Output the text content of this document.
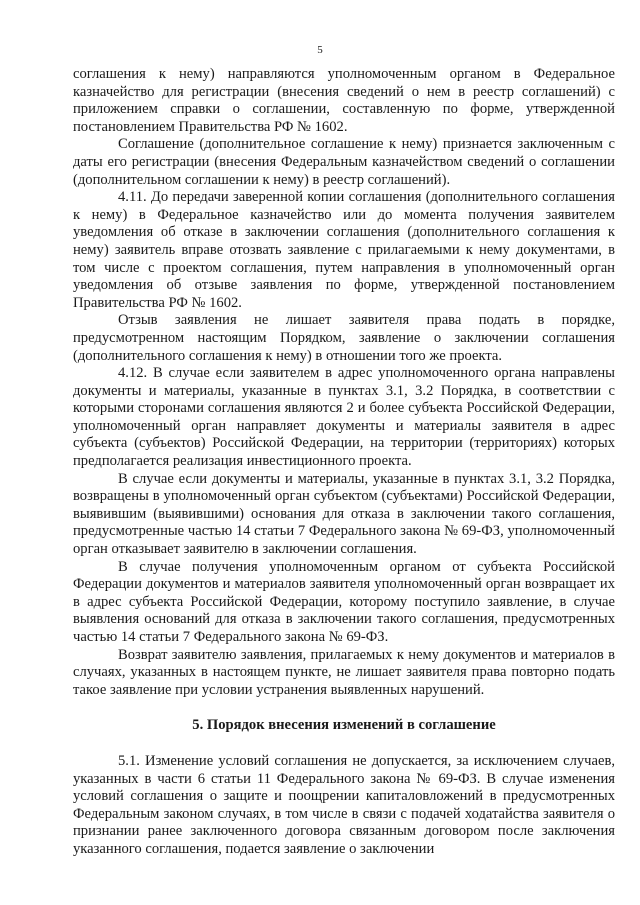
5

соглашения к нему) направляются уполномоченным органом в Федеральное казначейство для регистрации (внесения сведений о нем в реестр соглашений) с приложением справки о соглашении, составленную по форме, утвержденной постановлением Правительства РФ № 1602.

Соглашение (дополнительное соглашение к нему) признается заключенным с даты его регистрации (внесения Федеральным казначейством сведений о соглашении (дополнительном соглашении к нему) в реестр соглашений).

4.11. До передачи заверенной копии соглашения (дополнительного соглашения к нему) в Федеральное казначейство или до момента получения заявителем уведомления об отказе в заключении соглашения (дополнительного соглашения к нему) заявитель вправе отозвать заявление с прилагаемыми к нему документами, в том числе с проектом соглашения, путем направления в уполномоченный орган уведомления об отзыве заявления по форме, утвержденной постановлением Правительства РФ № 1602.

Отзыв заявления не лишает заявителя права подать в порядке, предусмотренном настоящим Порядком, заявление о заключении соглашения (дополнительного соглашения к нему) в отношении того же проекта.

4.12. В случае если заявителем в адрес уполномоченного органа направлены документы и материалы, указанные в пунктах 3.1, 3.2 Порядка, в соответствии с которыми сторонами соглашения являются 2 и более субъекта Российской Федерации, уполномоченный орган направляет документы и материалы заявителя в адрес субъекта (субъектов) Российской Федерации, на территории (территориях) которых предполагается реализация инвестиционного проекта.

В случае если документы и материалы, указанные в пунктах 3.1, 3.2 Порядка, возвращены в уполномоченный орган субъектом (субъектами) Российской Федерации, выявившим (выявившими) основания для отказа в заключении такого соглашения, предусмотренные частью 14 статьи 7 Федерального закона № 69-ФЗ, уполномоченный орган отказывает заявителю в заключении соглашения.

В случае получения уполномоченным органом от субъекта Российской Федерации документов и материалов заявителя уполномоченный орган возвращает их в адрес субъекта Российской Федерации, которому поступило заявление, в случае выявления оснований для отказа в заключении такого соглашения, предусмотренных частью 14 статьи 7 Федерального закона № 69-ФЗ.

Возврат заявителю заявления, прилагаемых к нему документов и материалов в случаях, указанных в настоящем пункте, не лишает заявителя права повторно подать такое заявление при условии устранения выявленных нарушений.

5. Порядок внесения изменений в соглашение

5.1. Изменение условий соглашения не допускается, за исключением случаев, указанных в части 6 статьи 11 Федерального закона № 69-ФЗ. В случае изменения условий соглашения о защите и поощрении капиталовложений в предусмотренных Федеральным законом случаях, в том числе в связи с подачей ходатайства заявителя о признании ранее заключенного договора связанным договором после заключения указанного соглашения, подается заявление о заключении
